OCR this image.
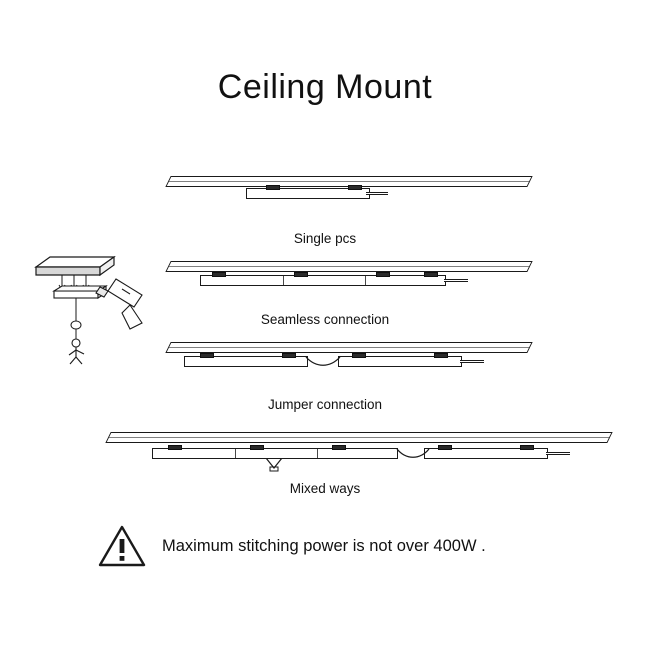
Ceiling Mount
Single pcs
Seamless connection
Jumper connection
Mixed ways
Maximum stitching power is not over 400W .
